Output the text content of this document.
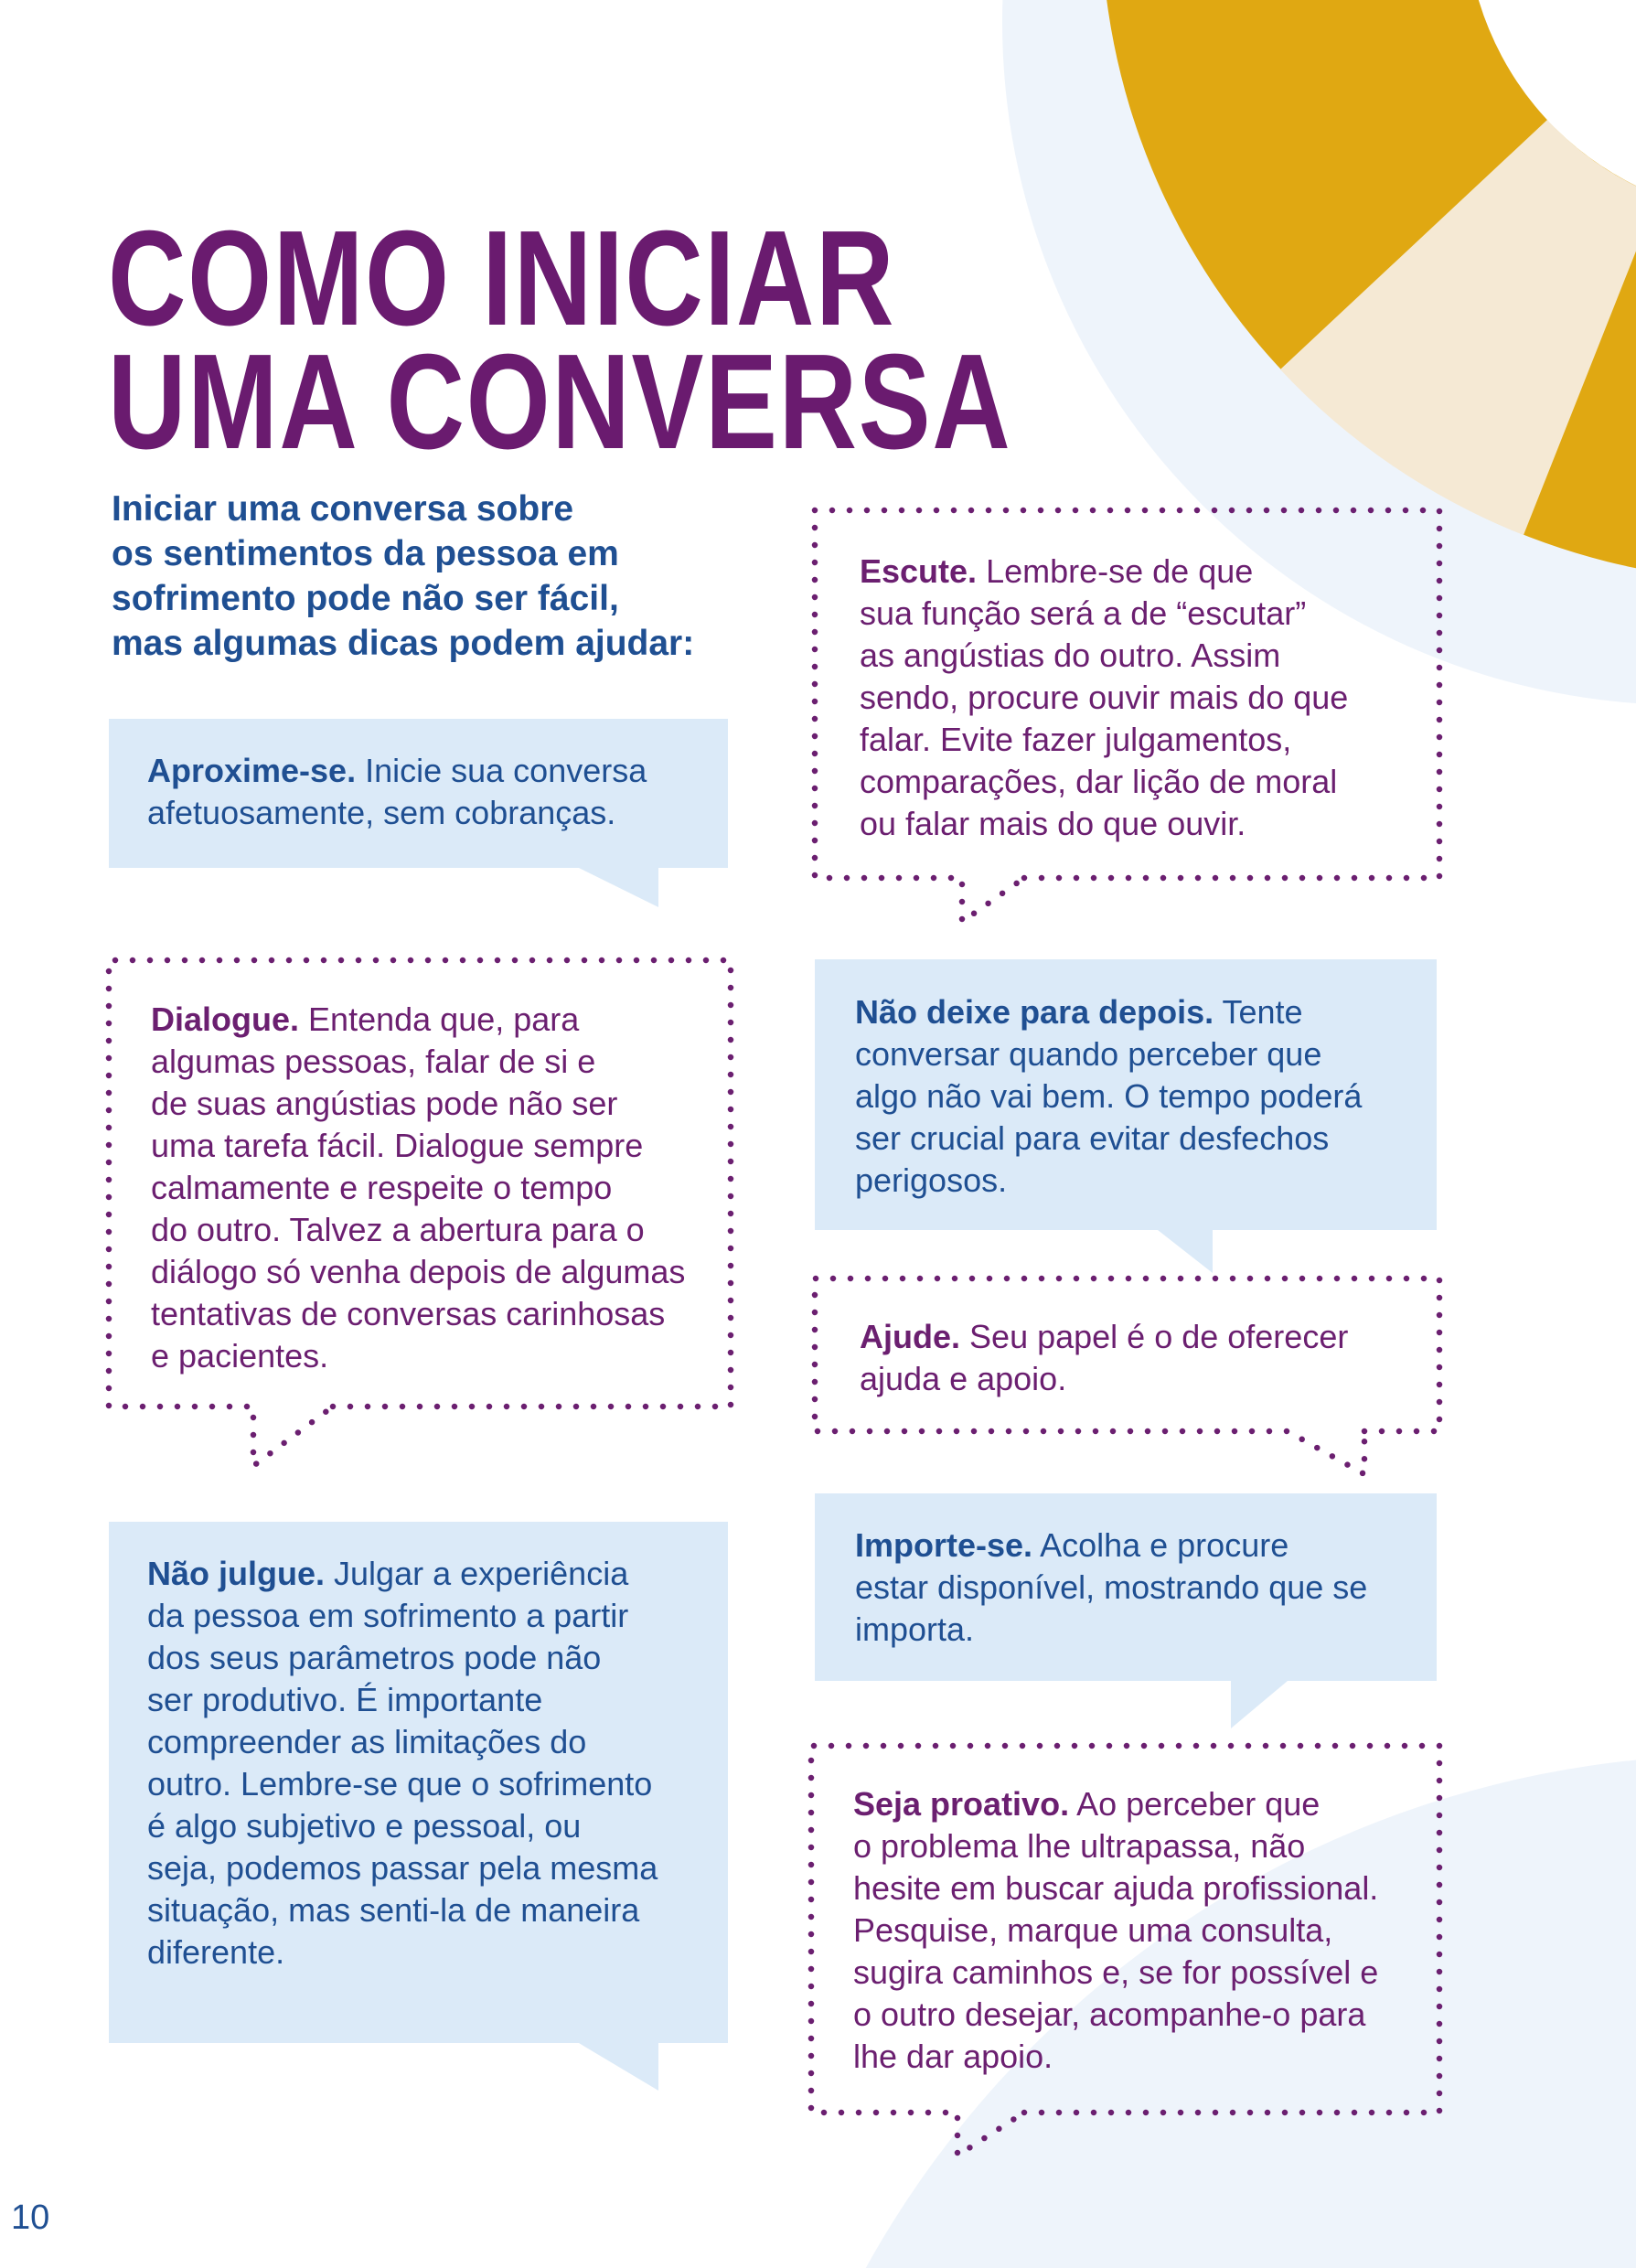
COMO INICIAR
UMA CONVERSA

Iniciar uma conversa sobre
os sentimentos da pessoa em
sofrimento pode não ser fácil,
mas algumas dicas podem ajudar:

Aproxime-se. Inicie sua conversa
afetuosamente, sem cobranças.
Escute. Lembre-se de que
sua função será a de “escutar”
as angústias do outro. Assim
sendo, procure ouvir mais do que
falar. Evite fazer julgamentos,
comparações, dar lição de moral
ou falar mais do que ouvir.
Dialogue. Entenda que, para
algumas pessoas, falar de si e
de suas angústias pode não ser
uma tarefa fácil. Dialogue sempre
calmamente e respeite o tempo
do outro. Talvez a abertura para o
diálogo só venha depois de algumas
tentativas de conversas carinhosas
e pacientes.
Não deixe para depois. Tente
conversar quando perceber que
algo não vai bem. O tempo poderá
ser crucial para evitar desfechos
perigosos.
Ajude. Seu papel é o de oferecer
ajuda e apoio.
Não julgue. Julgar a experiência
da pessoa em sofrimento a partir
dos seus parâmetros pode não
ser produtivo. É importante
compreender as limitações do
outro. Lembre-se que o sofrimento
é algo subjetivo e pessoal, ou
seja, podemos passar pela mesma
situação, mas senti-la de maneira
diferente.
Importe-se. Acolha e procure
estar disponível, mostrando que se
importa.
Seja proativo. Ao perceber que
o problema lhe ultrapassa, não
hesite em buscar ajuda profissional.
Pesquise, marque uma consulta,
sugira caminhos e, se for possível e
o outro desejar, acompanhe-o para
lhe dar apoio.
10
